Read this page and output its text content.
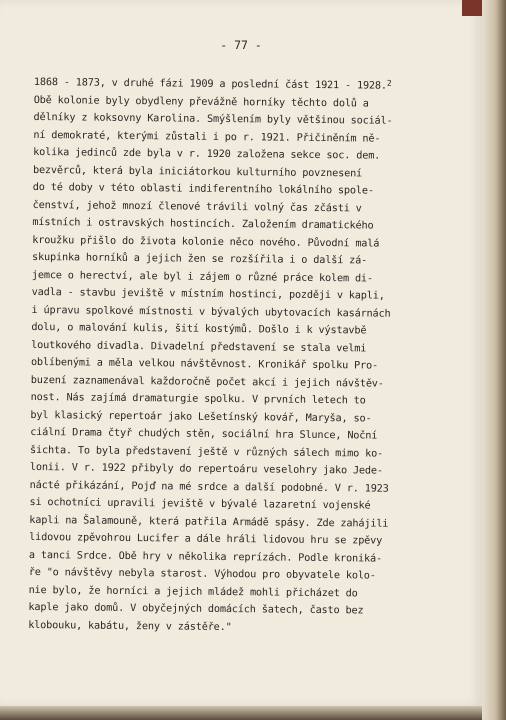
- 77 -
1868 - 1873, v druhé fázi 1909 a poslední část 1921 - 1928.$^2$
Obě kolonie byly obydleny převážně horníky těchto dolů a
dělníky z koksovny Karolina. Smýšlením byly většinou sociál-
ní demokraté, kterými zůstali i po r. 1921. Přičiněním ně-
kolika jedinců zde byla v r. 1920 založena sekce soc. dem.
bezvěrců, která byla iniciátorkou kulturního povznesení
do té doby v této oblasti indiferentního lokálního spole-
čenství, jehož mnozí členové trávili volný čas zčásti v
místních i ostravských hostincích. Založením dramatického
kroužku přišlo do života kolonie něco nového. Původní malá
skupinka horníků a jejich žen se rozšířila i o další zá-
jemce o herectví, ale byl i zájem o různé práce kolem di-
vadla - stavbu jeviště v místním hostinci, později v kapli,
i úpravu spolkové místnosti v bývalých ubytovacích kasárnách
dolu, o malování kulis, šití kostýmů. Došlo i k výstavbě
loutkového divadla. Divadelní představení se stala velmi
oblíbenými a měla velkou návštěvnost. Kronikář spolku Pro-
buzení zaznamenával každoročně počet akcí i jejich návštěv-
nost. Nás zajímá dramaturgie spolku. V prvních letech to
byl klasický repertoár jako Lešetínský kovář, Maryša, so-
ciální Drama čtyř chudých stěn, sociální hra Slunce, Noční
šichta. To byla představení ještě v různých sálech mimo ko-
lonii. V r. 1922 přibyly do repertoáru veselohry jako Jede-
nácté přikázání, Pojď na mé srdce a další podobné. V r. 1923
si ochotníci upravili jeviště v bývalé lazaretní vojenské
kapli na Šalamouně, která patřila Armádě spásy. Zde zahájili
lidovou zpěvohrou Lucifer a dále hráli lidovou hru se zpěvy
a tanci Srdce. Obě hry v několika reprízách. Podle kroniká-
ře "o návštěvy nebyla starost. Výhodou pro obyvatele kolo-
nie bylo, že horníci a jejich mládež mohli přicházet do
kaple jako domů. V obyčejných domácích šatech, často bez
klobouku, kabátu, ženy v zástěře."
